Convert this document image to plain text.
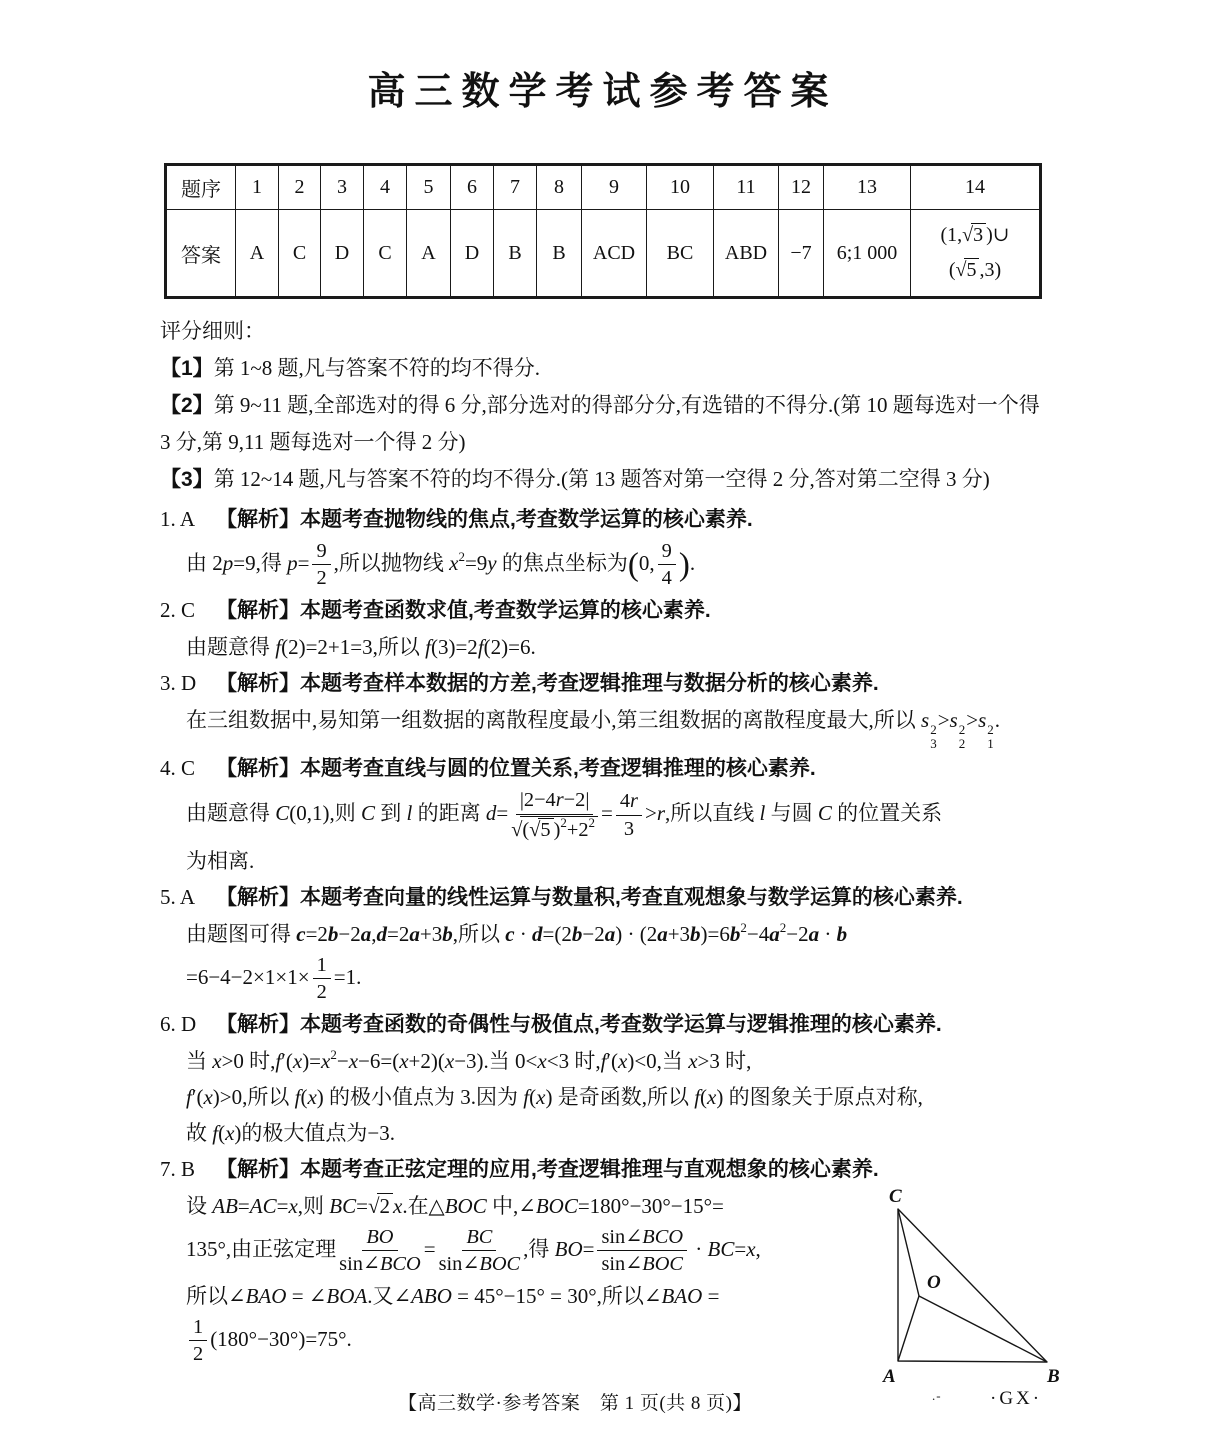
高三数学考试参考答案
题序	1	2	3	4	5	6	7	8	9	10	11	12	13	14
答案	A	C	D	C	A	D	B	B	ACD	BC	ABD	−7	6;1 000	(1,√3 )∪
(√5 ,3)
评分细则：
【1】第 1~8 题,凡与答案不符的均不得分.
【2】第 9~11 题,全部选对的得 6 分,部分选对的得部分分,有选错的不得分.(第 10 题每选对一个得 3 分,第 9,11 题每选对一个得 2 分)
【3】第 12~14 题,凡与答案不符的均不得分.(第 13 题答对第一空得 2 分,答对第二空得 3 分)
1. A 【解析】本题考查抛物线的焦点,考查数学运算的核心素养.
由 2p=9,得 $p= \frac{9}{2}$ ,所以抛物线 $x^2=9y$ 的焦点坐标为(0, $\frac{9}{4}$ ).
2. C 【解析】本题考查函数求值,考查数学运算的核心素养.
由题意得 f(2)=2+1=3,所以 f(3)=2f(2)=6.
3. D 【解析】本题考查样本数据的方差,考查逻辑推理与数据分析的核心素养.
在三组数据中,易知第一组数据的离散程度最小,第三组数据的离散程度最大,所以 s 2
3
>s 2
2
>s 2
1
.
4. C 【解析】本题考查直线与圆的位置关系,考查逻辑推理的核心素养.
由题意得 C(0,1),则 C 到 l 的距离 $d= \frac{|2-4r-2|}{√(√5 )^2+2^2} = \frac{4r}{3} >r$,所以直线 l 与圆 C 的位置关系
为相离.
5. A 【解析】本题考查向量的线性运算与数量积,考查直观想象与数学运算的核心素养.
由题图可得 c=2b−2a,d=2a+3b,所以 $c \cdot d=(2b-2a) \cdot (2a+3b)=6b^2-4a^2-2a \cdot b$
$=6-4-2\times 1\times 1\times \frac{1}{2} =1$.
6. D 【解析】本题考查函数的奇偶性与极值点,考查数学运算与逻辑推理的核心素养.
当 x>0 时$,f'(x)=x^2-x-6=(x+2)(x-3)$.当 0<x<3 时,f′(x)<0,当 x>3 时,
f′(x)>0,所以 f(x) 的极小值点为 3.因为 f(x) 是奇函数,所以 f(x) 的图象关于原点对称,
故 f(x)的极大值点为−3.
7. B 【解析】本题考查正弦定理的应用,考查逻辑推理与直观想象的核心素养.
设 AB=AC=x,则 BC=√2 x.在△BOC 中,∠BOC=180°−30°−15°=
135°,由正弦定理 $\frac{BO}{\text{sin∠BCO}} = \frac{BC}{\text{sin∠BOC}}$ ,得 $BO= \frac{\text{sin∠BCO}}{\text{sin∠BOC}} \cdot BC=x$,
所以∠BAO = ∠BOA.又∠ABO = 45°−15° = 30°,所以∠BAO =
$\frac{1}{2} (180^\circ-30^\circ)=75^\circ$.
C
A	B
O
【高三数学·参考答案　第 1 页(共 8 页)】	.-	·GX·
